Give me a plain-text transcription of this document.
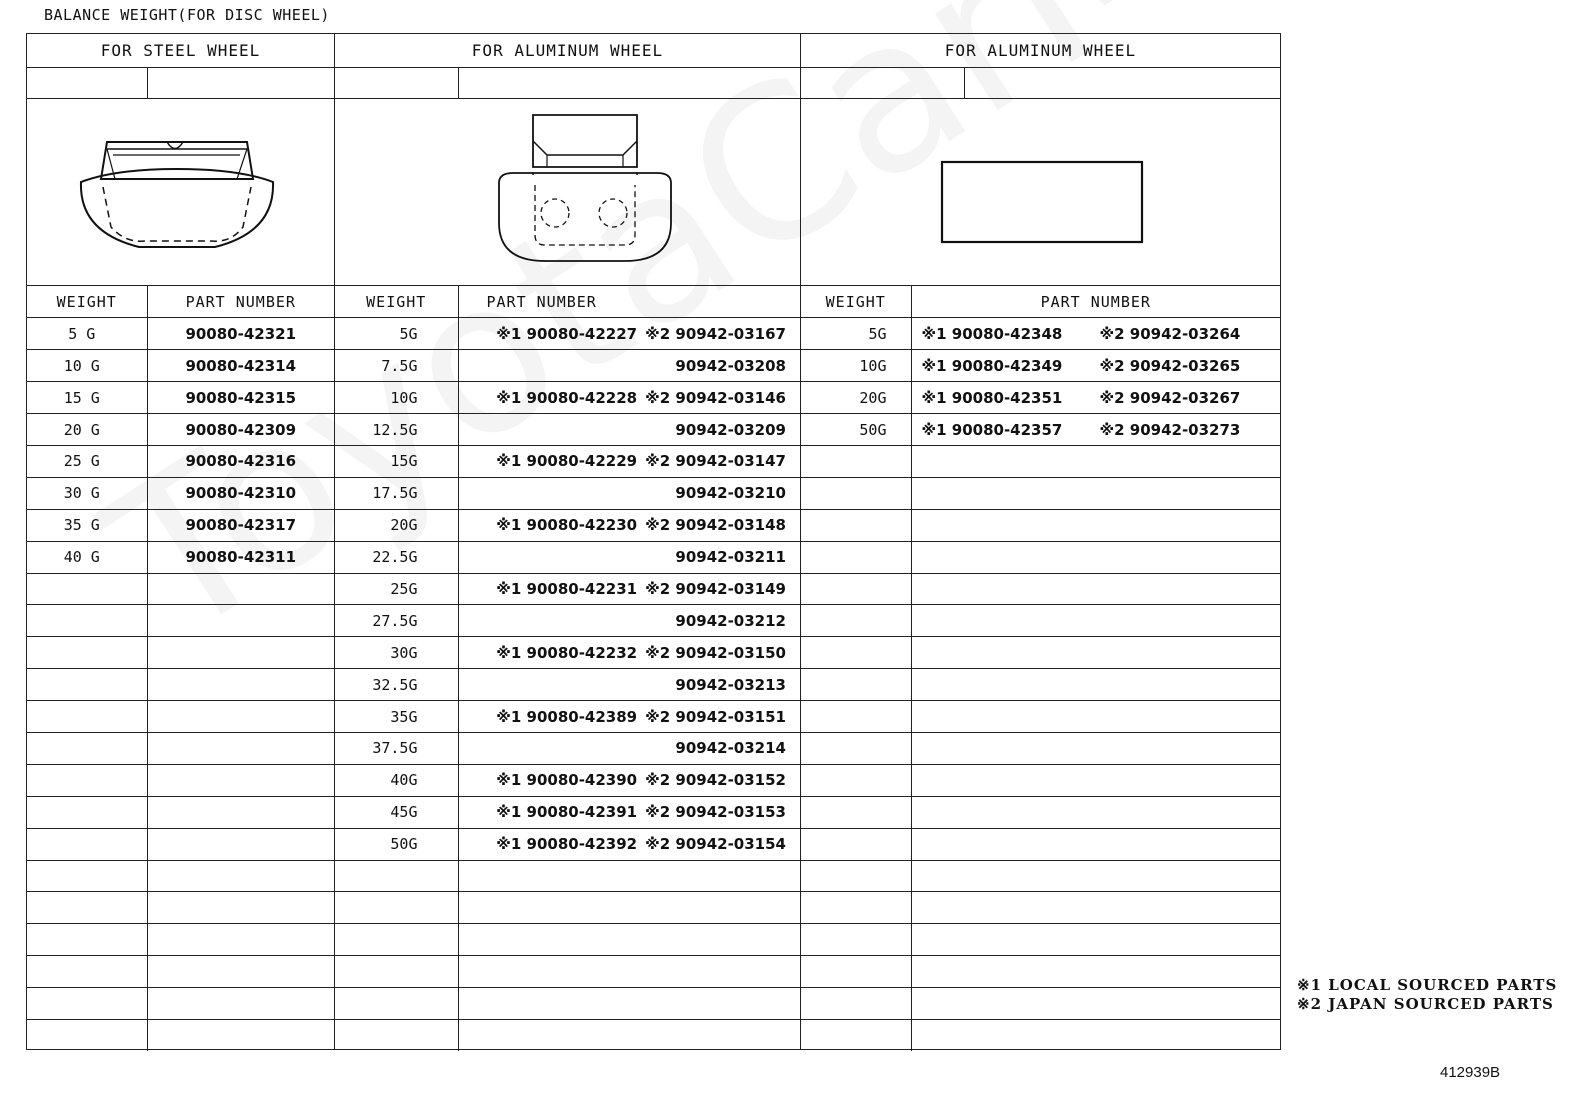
BALANCE WEIGHT(FOR DISC WHEEL)
FOR STEEL WHEEL
WEIGHT	PART NUMBER
5 G	90080-42321
10 G	90080-42314
15 G	90080-42315
20 G	90080-42309
25 G	90080-42316
30 G	90080-42310
35 G	90080-42317
40 G	90080-42311

FOR ALUMINUM WHEEL
WEIGHT	PART NUMBER
5G	※1 90080-42227 ※2 90942-03167
7.5G	90942-03208
10G	※1 90080-42228 ※2 90942-03146
12.5G	90942-03209
15G	※1 90080-42229 ※2 90942-03147
17.5G	90942-03210
20G	※1 90080-42230 ※2 90942-03148
22.5G	90942-03211
25G	※1 90080-42231 ※2 90942-03149
27.5G	90942-03212
30G	※1 90080-42232 ※2 90942-03150
32.5G	90942-03213
35G	※1 90080-42389 ※2 90942-03151
37.5G	90942-03214
40G	※1 90080-42390 ※2 90942-03152
45G	※1 90080-42391 ※2 90942-03153
50G	※1 90080-42392 ※2 90942-03154

FOR ALUMINUM WHEEL
WEIGHT	PART NUMBER
5G	※1 90080-42348 ※2 90942-03264
10G	※1 90080-42349 ※2 90942-03265
20G	※1 90080-42351 ※2 90942-03267
50G	※1 90080-42357 ※2 90942-03273

※1 LOCAL SOURCED PARTS
※2 JAPAN SOURCED PARTS
412939B
